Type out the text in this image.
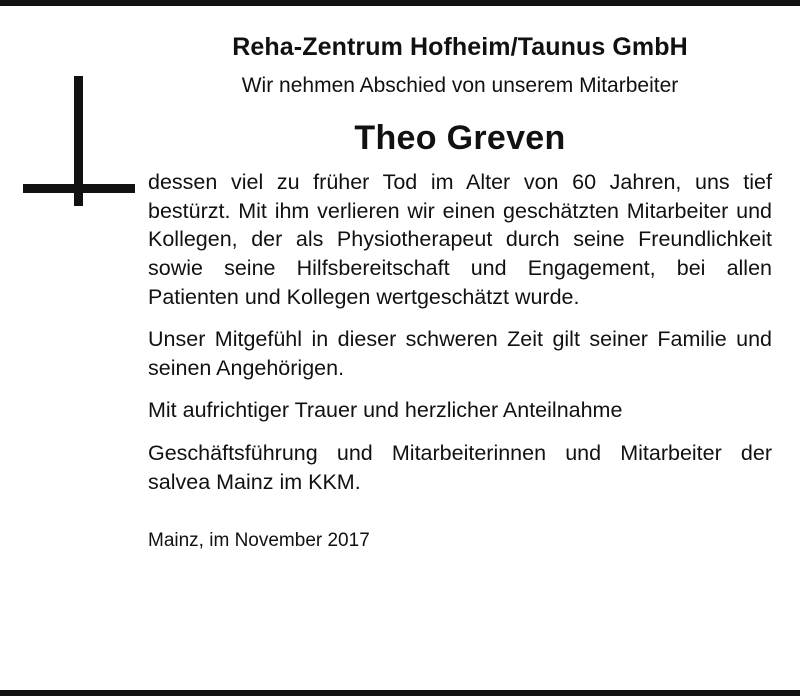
Reha-Zentrum Hofheim/Taunus GmbH
Wir nehmen Abschied von unserem Mitarbeiter
Theo Greven
dessen viel zu früher Tod im Alter von 60 Jahren, uns tief bestürzt. Mit ihm verlieren wir einen geschätzten Mitarbeiter und Kollegen, der als Physiotherapeut durch seine Freundlichkeit sowie seine Hilfsbereitschaft und Engagement, bei allen Patienten und Kollegen wertgeschätzt wurde.
Unser Mitgefühl in dieser schweren Zeit gilt seiner Familie und seinen Angehörigen.
Mit aufrichtiger Trauer und herzlicher Anteilnahme
Geschäftsführung und Mitarbeiterinnen und Mitarbeiter der salvea Mainz im KKM.
Mainz, im November 2017
